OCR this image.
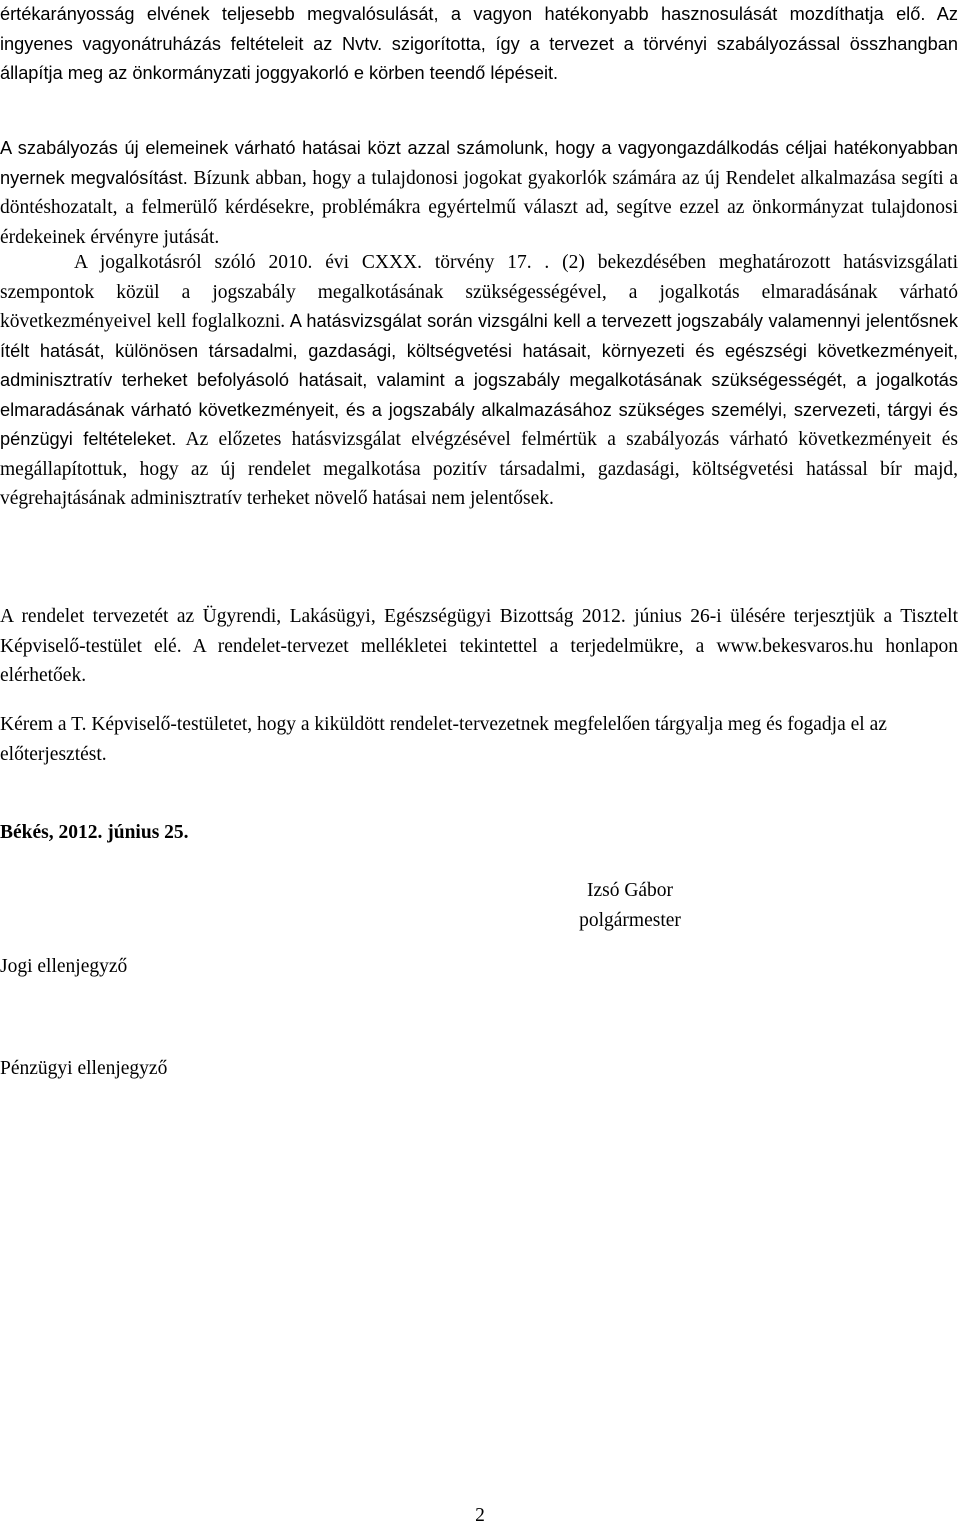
értékarányosság elvének teljesebb megvalósulását, a vagyon hatékonyabb hasznosulását mozdíthatja elő. Az ingyenes vagyonátruházás feltételeit az Nvtv. szigorította, így a tervezet a törvényi szabályozással összhangban állapítja meg az önkormányzati joggyakorló e körben teendő lépéseit.

A szabályozás új elemeinek várható hatásai közt azzal számolunk, hogy a vagyongazdálkodás céljai hatékonyabban nyernek megvalósítást. Bízunk abban, hogy a tulajdonosi jogokat gyakorlók számára az új Rendelet alkalmazása segíti a döntéshozatalt, a felmerülő kérdésekre, problémákra egyértelmű választ ad, segítve ezzel az önkormányzat tulajdonosi érdekeinek érvényre jutását.

A jogalkotásról szóló 2010. évi CXXX. törvény 17. . (2) bekezdésében meghatározott hatásvizsgálati szempontok közül a jogszabály megalkotásának szükségességével, a jogalkotás elmaradásának várható következményeivel kell foglalkozni. A hatásvizsgálat során vizsgálni kell a tervezett jogszabály valamennyi jelentősnek ítélt hatását, különösen társadalmi, gazdasági, költségvetési hatásait, környezeti és egészségi következményeit, adminisztratív terheket befolyásoló hatásait, valamint a jogszabály megalkotásának szükségességét, a jogalkotás elmaradásának várható következményeit, és a jogszabály alkalmazásához szükséges személyi, szervezeti, tárgyi és pénzügyi feltételeket. Az előzetes hatásvizsgálat elvégzésével felmértük a szabályozás várható következményeit és megállapítottuk, hogy az új rendelet megalkotása pozitív társadalmi, gazdasági, költségvetési hatással bír majd, végrehajtásának adminisztratív terheket növelő hatásai nem jelentősek.

A rendelet tervezetét az Ügyrendi, Lakásügyi, Egészségügyi Bizottság 2012. június 26-i ülésére terjesztjük a Tisztelt Képviselő-testület elé. A rendelet-tervezet mellékletei tekintettel a terjedelmükre, a www.bekesvaros.hu honlapon elérhetőek.

Kérem a T. Képviselő-testületet, hogy a kiküldött rendelet-tervezetnek megfelelően tárgyalja meg és fogadja el az előterjesztést.

Békés, 2012. június 25.
Izsó Gábor
polgármester
Jogi ellenjegyző
Pénzügyi ellenjegyző
2
